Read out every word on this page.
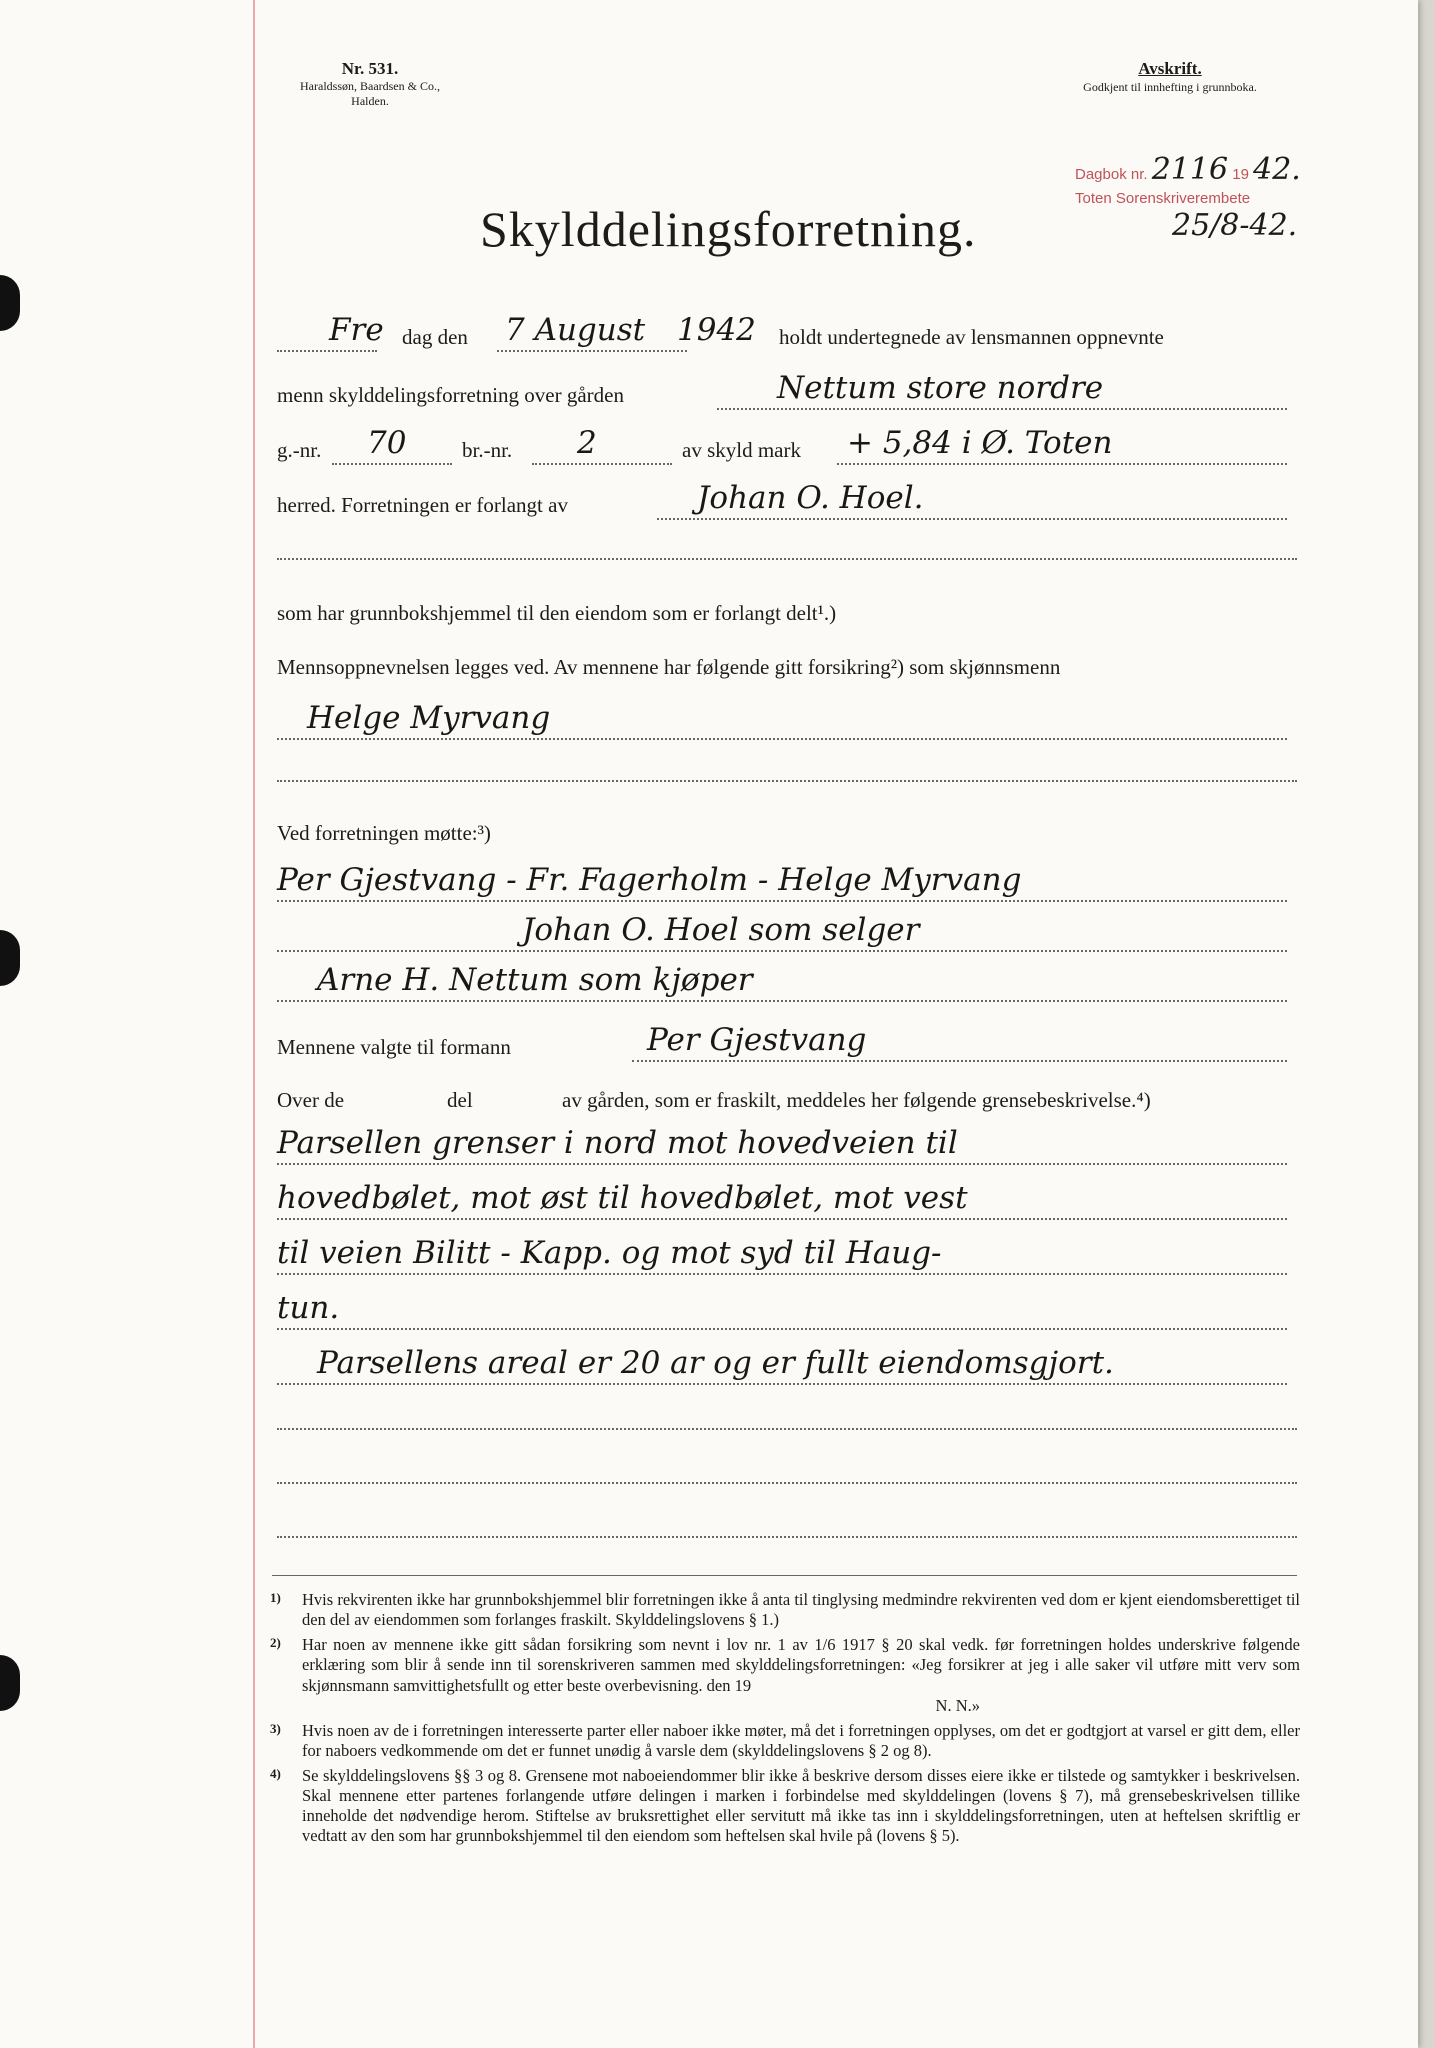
Nr. 531.
Haraldssøn, Baardsen & Co.,
Halden.
Avskrift.
Godkjent til innhefting i grunnboka.
Dagbok nr. 2116 19 42.
Toten Sorenskriverembete
25/8-42.
Skylddelingsforretning.
Fre dag den 7 August 1942 holdt undertegnede av lensmannen oppnevnte
menn skylddelingsforretning over gården	Nettum store nordre
g.-nr. 70	br.-nr. 2	av skyld mark + 5,84 i Ø. Toten
herred. Forretningen er forlangt av	Johan O. Hoel.
som har grunnbokshjemmel til den eiendom som er forlangt delt¹.)
Mennsoppnevnelsen legges ved. Av mennene har følgende gitt forsikring²) som skjønnsmenn
Helge Myrvang
Ved forretningen møtte:³)
Per Gjestvang - Fr. Fagerholm - Helge Myrvang
Johan O. Hoel som selger
Arne H. Nettum som kjøper
Mennene valgte til formann	Per Gjestvang
Over de	del	av gården, som er fraskilt, meddeles her følgende grensebeskrivelse.⁴)
Parsellen grenser i nord mot hovedveien til
hovedbølet, mot øst til hovedbølet, mot vest
til veien Bilitt - Kapp. og mot syd til Haug-
tun.
Parsellens areal er 20 ar og er fullt eiendomsgjort.
1) Hvis rekvirenten ikke har grunnbokshjemmel blir forretningen ikke å anta til tinglysing medmindre rekvirenten ved dom er kjent eiendomsberettiget til den del av eiendommen som forlanges fraskilt. Skylddelingslovens § 1.)
2) Har noen av mennene ikke gitt sådan forsikring som nevnt i lov nr. 1 av 1/6 1917 § 20 skal vedk. før forretningen holdes underskrive følgende erklæring som blir å sende inn til sorenskriveren sammen med skylddelingsforretningen: «Jeg forsikrer at jeg i alle saker vil utføre mitt verv som skjønnsmann samvittighetsfullt og etter beste overbevisning. den 19
N. N.»
3) Hvis noen av de i forretningen interesserte parter eller naboer ikke møter, må det i forretningen opplyses, om det er godtgjort at varsel er gitt dem, eller for naboers vedkommende om det er funnet unødig å varsle dem (skylddelingslovens § 2 og 8).
4) Se skylddelingslovens §§ 3 og 8. Grensene mot naboeiendommer blir ikke å beskrive dersom disses eiere ikke er tilstede og samtykker i beskrivelsen. Skal mennene etter partenes forlangende utføre delingen i marken i forbindelse med skylddelingen (lovens § 7), må grensebeskrivelsen tillike inneholde det nødvendige herom. Stiftelse av bruksrettighet eller servitutt må ikke tas inn i skylddelingsforretningen, uten at heftelsen skriftlig er vedtatt av den som har grunnbokshjemmel til den eiendom som heftelsen skal hvile på (lovens § 5).
